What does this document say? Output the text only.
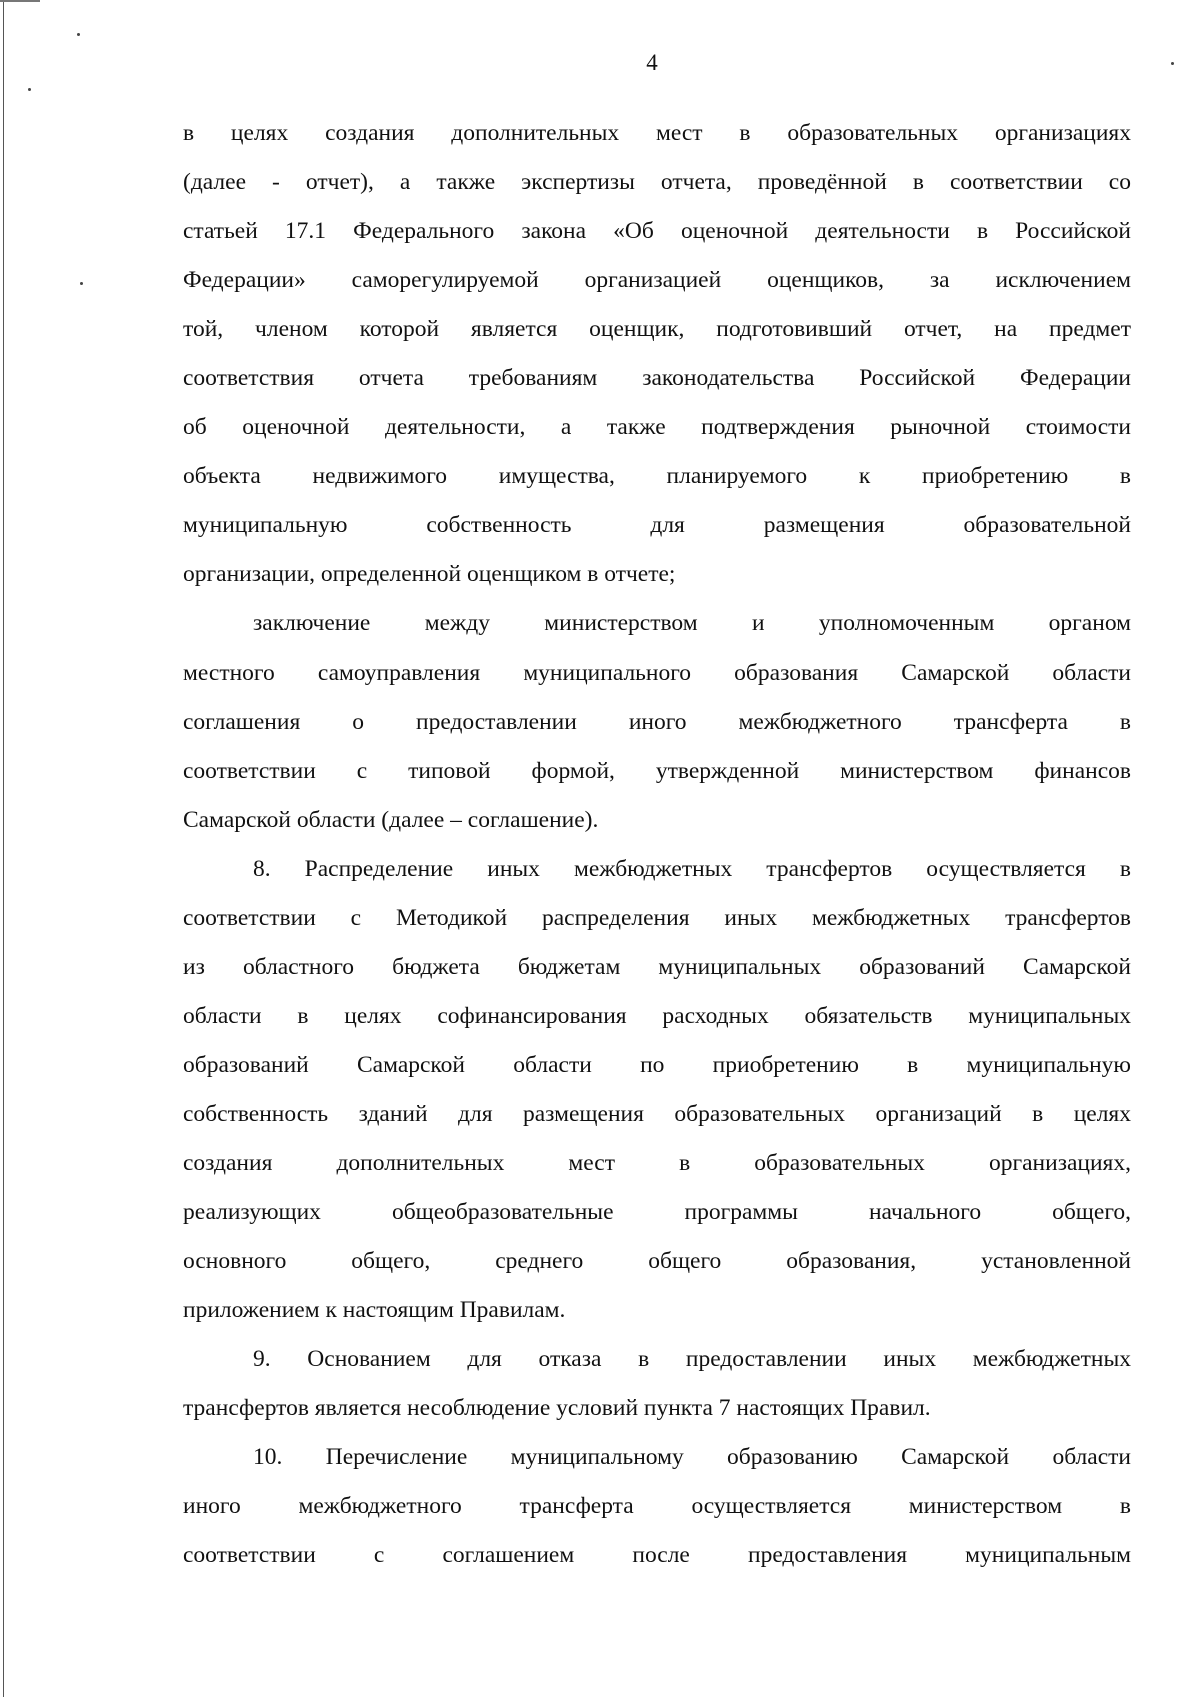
4
в целях создания дополнительных мест в образовательных организациях
(далее - отчет), а также экспертизы отчета, проведённой в соответствии со
статьей 17.1 Федерального закона «Об оценочной деятельности в Российской
Федерации» саморегулируемой организацией оценщиков, за исключением
той, членом которой является оценщик, подготовивший отчет, на предмет
соответствия отчета требованиям законодательства Российской Федерации
об оценочной деятельности, а также подтверждения рыночной стоимости
объекта недвижимого имущества, планируемого к приобретению в
муниципальную собственность для размещения образовательной
организации, определенной оценщиком в отчете;
заключение между министерством и уполномоченным органом
местного самоуправления муниципального образования Самарской области
соглашения о предоставлении иного межбюджетного трансферта в
соответствии с типовой формой, утвержденной министерством финансов
Самарской области (далее – соглашение).
8. Распределение иных межбюджетных трансфертов осуществляется в
соответствии с Методикой распределения иных межбюджетных трансфертов
из областного бюджета бюджетам муниципальных образований Самарской
области в целях софинансирования расходных обязательств муниципальных
образований Самарской области по приобретению в муниципальную
собственность зданий для размещения образовательных организаций в целях
создания дополнительных мест в образовательных организациях,
реализующих общеобразовательные программы начального общего,
основного общего, среднего общего образования, установленной
приложением к настоящим Правилам.
9. Основанием для отказа в предоставлении иных межбюджетных
трансфертов является несоблюдение условий пункта 7 настоящих Правил.
10. Перечисление муниципальному образованию Самарской области
иного межбюджетного трансферта осуществляется министерством в
соответствии с соглашением после предоставления муниципальным
